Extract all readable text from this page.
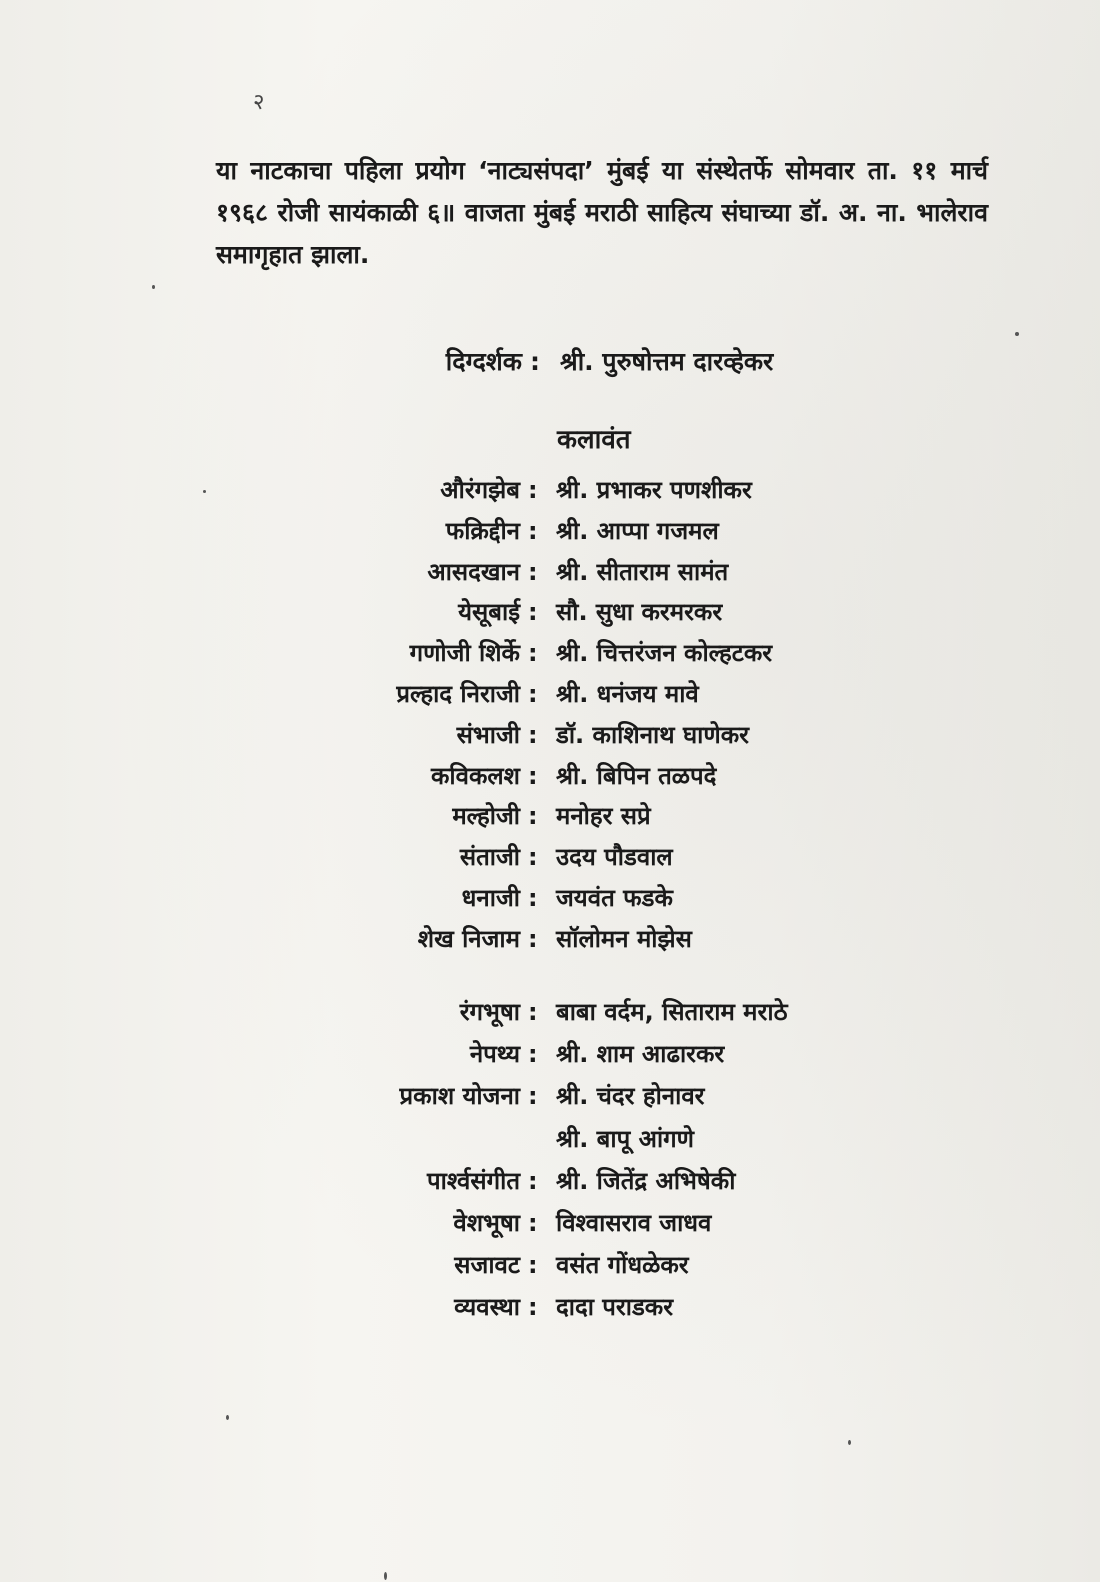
२

या नाटकाचा पहिला प्रयोग ‘नाट्यसंपदा’ मुंबई या संस्थेतर्फे सोमवार ता. ११ मार्च १९६८ रोजी सायंकाळी ६॥ वाजता मुंबई मराठी साहित्य संघाच्या डॉ. अ. ना. भालेराव समागृहात झाला.

दिग्दर्शक : श्री. पुरुषोत्तम दारव्हेकर
कलावंत
औरंगझेब : श्री. प्रभाकर पणशीकर
फक्रिद्दीन : श्री. आप्पा गजमल
आसदखान : श्री. सीताराम सामंत
येसूबाई : सौ. सुधा करमरकर
गणोजी शिर्के : श्री. चित्तरंजन कोल्हटकर
प्रल्हाद निराजी : श्री. धनंजय मावे
संभाजी : डॉ. काशिनाथ घाणेकर
कविकलश : श्री. बिपिन तळपदे
मल्होजी : मनोहर सप्रे
संताजी : उदय पौडवाल
धनाजी : जयवंत फडके
शेख निजाम : सॉलोमन मोझेस
रंगभूषा : बाबा वर्दम, सिताराम मराठे
नेपथ्य : श्री. शाम आढारकर
प्रकाश योजना : श्री. चंदर होनावर
श्री. बापू आंगणे
पार्श्वसंगीत : श्री. जितेंद्र अभिषेकी
वेशभूषा : विश्वासराव जाधव
सजावट : वसंत गोंधळेकर
व्यवस्था : दादा पराडकर
